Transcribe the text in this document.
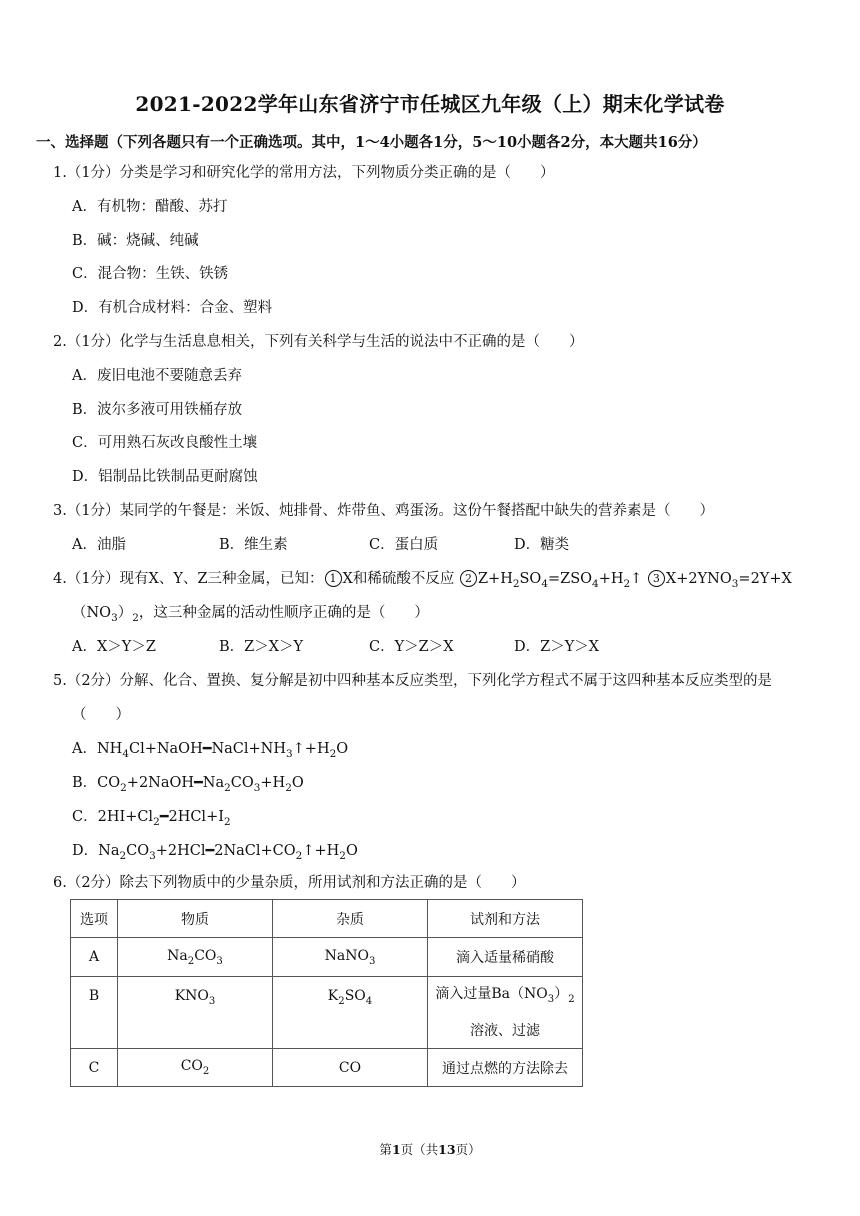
2021-2022学年山东省济宁市任城区九年级（上）期末化学试卷
一、选择题（下列各题只有一个正确选项。其中，1～4小题各1分，5～10小题各2分，本大题共16分）
1.（1分）分类是学习和研究化学的常用方法，下列物质分类正确的是（　　）
A．有机物：醋酸、苏打
B．碱：烧碱、纯碱
C．混合物：生铁、铁锈
D．有机合成材料：合金、塑料
2.（1分）化学与生活息息相关，下列有关科学与生活的说法中不正确的是（　　）
A．废旧电池不要随意丢弃
B．波尔多液可用铁桶存放
C．可用熟石灰改良酸性土壤
D．铝制品比铁制品更耐腐蚀
3.（1分）某同学的午餐是：米饭、炖排骨、炸带鱼、鸡蛋汤。这份午餐搭配中缺失的营养素是（　　）
A．油脂	B．维生素	C．蛋白质	D．糖类
4.（1分）现有X、Y、Z三种金属，已知： 1 X和稀硫酸不反应 2 $Z+H_2SO_4=ZSO_4+H_2↑$ 3 $X+2YNO_3=2Y+X$
$(NO_3)_2$，这三种金属的活动性顺序正确的是（　　）
A．X＞Y＞Z	B．Z＞X＞Y	C．Y＞Z＞X	D．Z＞Y＞X
5.（2分）分解、化合、置换、复分解是初中四种基本反应类型，下列化学方程式不属于这四种基本反应类型的是
（　　）
A．$NH_4Cl+NaOH━NaCl+NH_3↑+H_2O$
B．$CO_2+2NaOH━Na_2CO_3+H_2O$
C．$2HI+Cl_2━2HCl+I_2$
D．$Na_2CO_3+2HCl━2NaCl+CO_2↑+H_2O$
6.（2分）除去下列物质中的少量杂质，所用试剂和方法正确的是（　　）
选项	物质	杂质	试剂和方法
A	$Na_2CO_3$	NaNO$_3$	滴入适量稀硝酸
B	$KNO_3$	$K_2SO_4$	滴入过量$Ba(NO_3)_2$
溶液、过滤
C	$CO_2$	CO	通过点燃的方法除去
第1页（共13页）
